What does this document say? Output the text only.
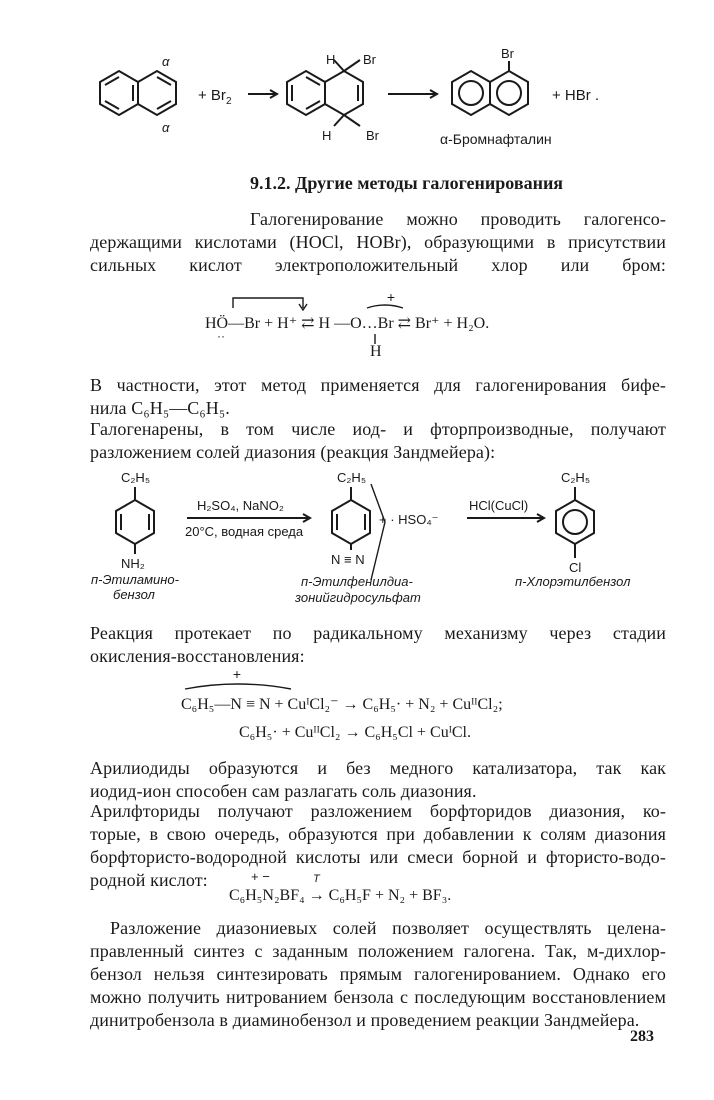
α
α
+ $Br_2$
H Br
H	Br
Br
+ HBr .
α-Бромнафталин
9.1.2. Другие методы галогенирования
Галогенирование можно проводить галогенсо-
держащими кислотами (HOCl, HOBr), образующими в присутствии
сильных кислот электроположительный хлор или бром:
+
HÖ—Br + H⁺ ⇄ H —O…Br ⇄ Br⁺ + H₂O.
··
H
В частности, этот метод применяется для галогенирования бифе-
нила C₆H₅—C₆H₅.
Галогенарены, в том числе иод- и фторпроизводные, получают
разложением солей диазония (реакция Зандмейера):
C₂H₅
NH₂
H₂SO₄, NaNO₂
20°C, водная среда
C₂H₅
N ≡ N
+ · HSO₄⁻
HCl(CuCl)
C₂H₅
Cl
п-Этиламино-
бензол
п-Этилфенилдиа-
зонийгидросульфат
п-Хлорэтилбензол
Реакция протекает по радикальному механизму через стадии
окисления-восстановления:
+
C₆H₅—N ≡ N + CuᴵCl₂⁻ → C₆H₅· + N₂ + CuᴵᴵCl₂;
C₆H₅· + CuᴵᴵCl₂ → C₆H₅Cl + CuᴵCl.
Арилиодиды образуются и без медного катализатора, так как
иодид-ион способен сам разлагать соль диазония.
Арилфториды получают разложением борфторидов диазония, ко-
торые, в свою очередь, образуются при добавлении к солям диазония
борфтористо-водородной кислоты или смеси борной и фтористо-водо-
родной кислот:	+ −	T
C₆H₅N₂BF₄ → C₆H₅F + N₂ + BF₃.
Разложение диазониевых солей позволяет осуществлять целена-
правленный синтез с заданным положением галогена. Так, м-дихлор-
бензол нельзя синтезировать прямым галогенированием. Однако его
можно получить нитрованием бензола с последующим восстановлением
динитробензола в диаминобензол и проведением реакции Зандмейера.
283
